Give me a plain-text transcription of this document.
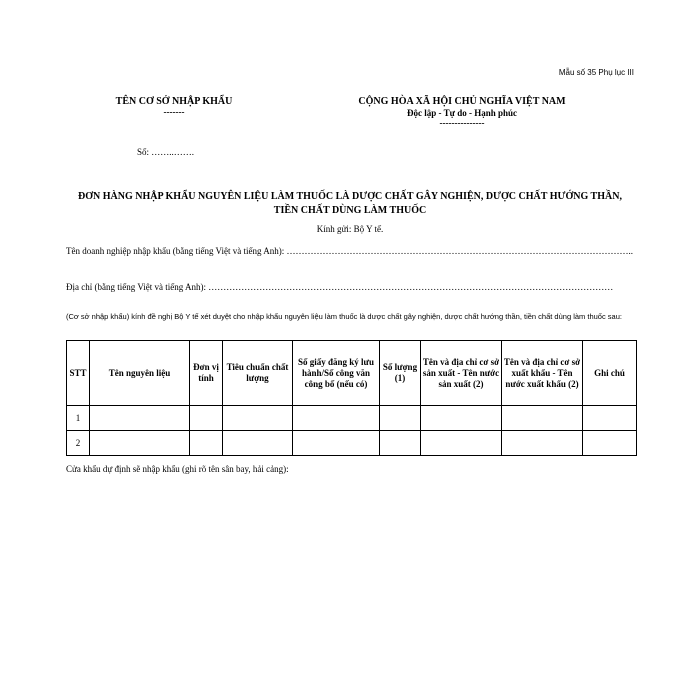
Mẫu số 35 Phụ lục III
TÊN CƠ SỞ NHẬP KHẨU
-------
CỘNG HÒA XÃ HỘI CHỦ NGHĨA VIỆT NAM
Độc lập - Tự do - Hạnh phúc
---------------
Số: ……..…….
ĐƠN HÀNG NHẬP KHẨU NGUYÊN LIỆU LÀM THUỐC LÀ DƯỢC CHẤT GÂY NGHIỆN, DƯỢC CHẤT HƯỚNG THẦN, TIỀN CHẤT DÙNG LÀM THUỐC
Kính gửi: Bộ Y tế.
Tên doanh nghiệp nhập khẩu (bằng tiếng Việt và tiếng Anh): ……………………………………………………………………………………………………..
Địa chỉ (bằng tiếng Việt và tiếng Anh): ………………………………………………………………………………………………………………………
(Cơ sở nhập khẩu) kính đề nghị Bộ Y tế xét duyệt cho nhập khẩu nguyên liệu làm thuốc là dược chất gây nghiện, dược chất hướng thần, tiền chất dùng làm thuốc sau:
STT	Tên nguyên liệu	Đơn vị tính	Tiêu chuẩn chất lượng	Số giấy đăng ký lưu hành/Số công văn công bố (nếu có)	Số lượng (1)	Tên và địa chỉ cơ sở sản xuất - Tên nước sản xuất (2)	Tên và địa chỉ cơ sở xuất khẩu - Tên nước xuất khẩu (2)	Ghi chú
1								
2								
Cửa khẩu dự định sẽ nhập khẩu (ghi rõ tên sân bay, hải cảng):
